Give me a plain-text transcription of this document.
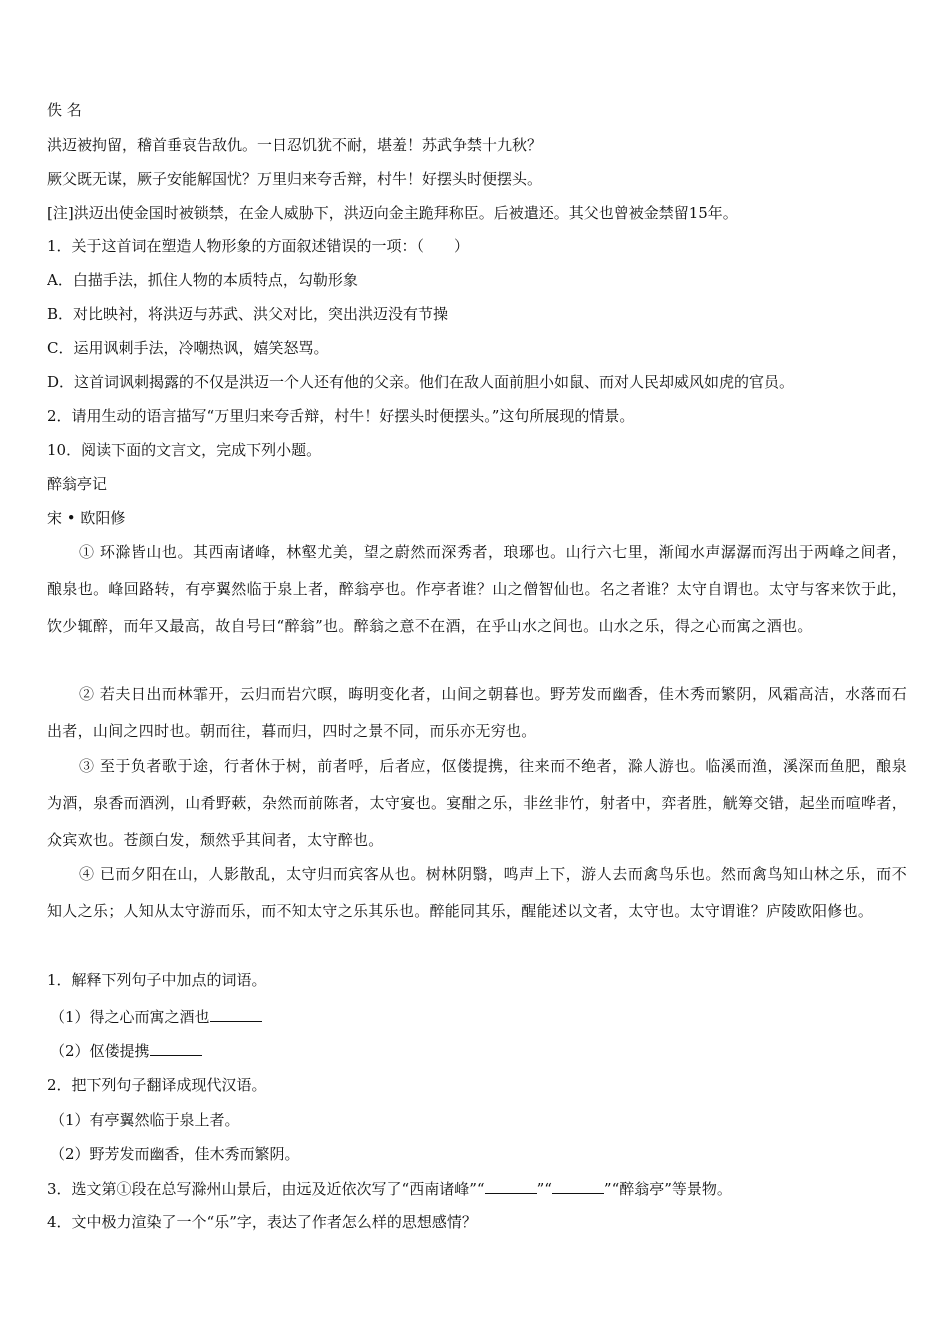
佚 名
洪迈被拘留，稽首垂哀告敌仇。一日忍饥犹不耐，堪羞！苏武争禁十九秋？
厥父既无谋，厥子安能解国忧？万里归来夸舌辩，村牛！好摆头时便摆头。
[注]洪迈出使金国时被锁禁，在金人威胁下，洪迈向金主跪拜称臣。后被遣还。其父也曾被金禁留15年。
1．关于这首词在塑造人物形象的方面叙述错误的一项：（　　）
A．白描手法，抓住人物的本质特点，勾勒形象
B．对比映衬，将洪迈与苏武、洪父对比，突出洪迈没有节操
C．运用讽刺手法，冷嘲热讽，嬉笑怒骂。
D．这首词讽刺揭露的不仅是洪迈一个人还有他的父亲。他们在敌人面前胆小如鼠、而对人民却威风如虎的官员。
2．请用生动的语言描写“万里归来夸舌辩，村牛！好摆头时便摆头。”这句所展现的情景。
10．阅读下面的文言文，完成下列小题。
醉翁亭记
宋 • 欧阳修
① 环滁皆山也。其西南诸峰，林壑尤美，望之蔚然而深秀者，琅琊也。山行六七里，渐闻水声潺潺而泻出于两峰之间者，酿泉也。峰回路转，有亭翼然临于泉上者，醉翁亭也。作亭者谁？山之僧智仙也。名之者谁？太守自谓也。太守与客来饮于此，饮少辄醉，而年又最高，故自号曰“醉翁”也。醉翁之意不在酒，在乎山水之间也。山水之乐，得之心而寓之酒也。
② 若夫日出而林霏开，云归而岩穴暝，晦明变化者，山间之朝暮也。野芳发而幽香，佳木秀而繁阴，风霜高洁，水落而石出者，山间之四时也。朝而往，暮而归，四时之景不同，而乐亦无穷也。
③ 至于负者歌于途，行者休于树，前者呼，后者应，伛偻提携，往来而不绝者，滁人游也。临溪而渔，溪深而鱼肥，酿泉为酒，泉香而酒洌，山肴野蔌，杂然而前陈者，太守宴也。宴酣之乐，非丝非竹，射者中，弈者胜，觥筹交错，起坐而喧哗者，众宾欢也。苍颜白发，颓然乎其间者，太守醉也。
④ 已而夕阳在山，人影散乱，太守归而宾客从也。树林阴翳，鸣声上下，游人去而禽鸟乐也。然而禽鸟知山林之乐，而不知人之乐；人知从太守游而乐，而不知太守之乐其乐也。醉能同其乐，醒能述以文者，太守也。太守谓谁？庐陵欧阳修也。
1．解释下列句子中加点的词语。
（1）得之心而寓之酒也
（2）伛偻提携
2．把下列句子翻译成现代汉语。
（1）有亭翼然临于泉上者。
（2）野芳发而幽香，佳木秀而繁阴。
3．选文第①段在总写滁州山景后，由远及近依次写了“西南诸峰”“	”“	”“醉翁亭”等景物。
4．文中极力渲染了一个“乐”字，表达了作者怎么样的思想感情？
